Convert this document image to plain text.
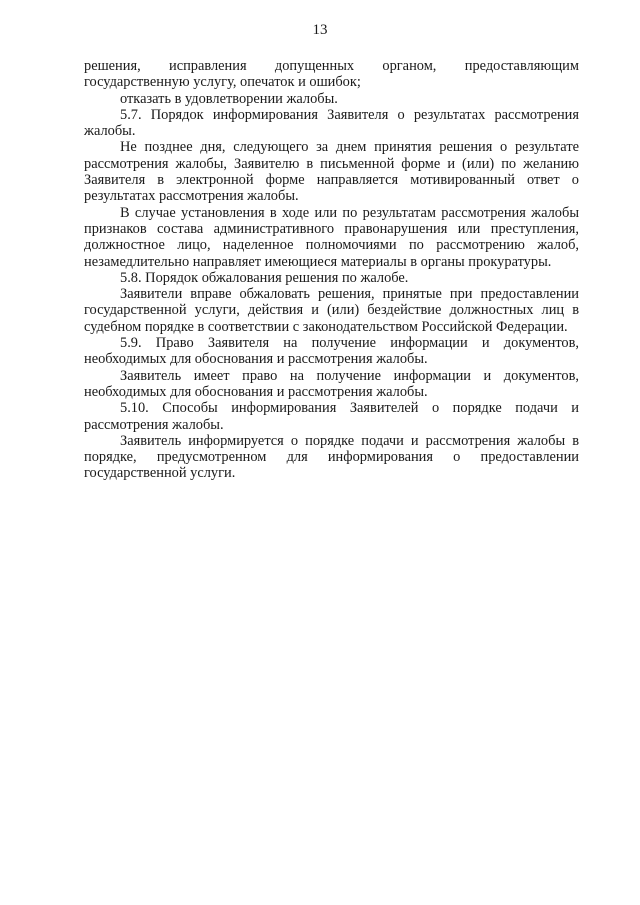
13

решения, исправления допущенных органом, предоставляющим государственную услугу, опечаток и ошибок;

отказать в удовлетворении жалобы.

5.7. Порядок информирования Заявителя о результатах рассмотрения жалобы.

Не позднее дня, следующего за днем принятия решения о результате рассмотрения жалобы, Заявителю в письменной форме и (или) по желанию Заявителя в электронной форме направляется мотивированный ответ о результатах рассмотрения жалобы.

В случае установления в ходе или по результатам рассмотрения жалобы признаков состава административного правонарушения или преступления, должностное лицо, наделенное полномочиями по рассмотрению жалоб, незамедлительно направляет имеющиеся материалы в органы прокуратуры.

5.8. Порядок обжалования решения по жалобе.

Заявители вправе обжаловать решения, принятые при предоставлении государственной услуги, действия и (или) бездействие должностных лиц в судебном порядке в соответствии с законодательством Российской Федерации.

5.9. Право Заявителя на получение информации и документов, необходимых для обоснования и рассмотрения жалобы.

Заявитель имеет право на получение информации и документов, необходимых для обоснования и рассмотрения жалобы.

5.10. Способы информирования Заявителей о порядке подачи и рассмотрения жалобы.

Заявитель информируется о порядке подачи и рассмотрения жалобы в порядке, предусмотренном для информирования о предоставлении государственной услуги.
